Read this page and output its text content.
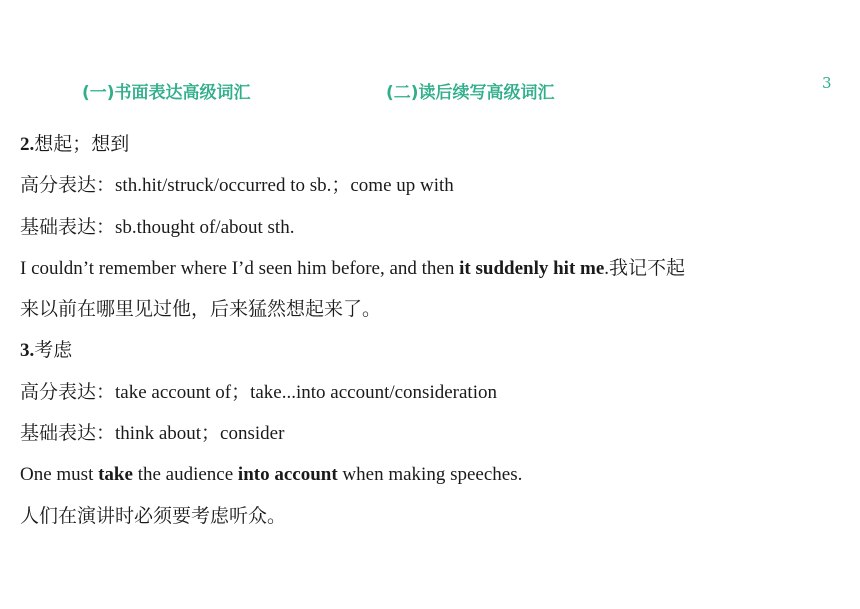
(一)书面表达高级词汇	(二)读后续写高级词汇	3
2.想起；想到
高分表达：sth.hit/struck/occurred to sb.；come up with
基础表达：sb.thought of/about sth.
I couldn’t remember where I’d seen him before, and then it suddenly hit me.我记不起
来以前在哪里见过他，后来猛然想起来了。
3.考虑
高分表达：take account of；take...into account/consideration
基础表达：think about；consider
One must take the audience into account when making speeches.
人们在演讲时必须要考虑听众。
